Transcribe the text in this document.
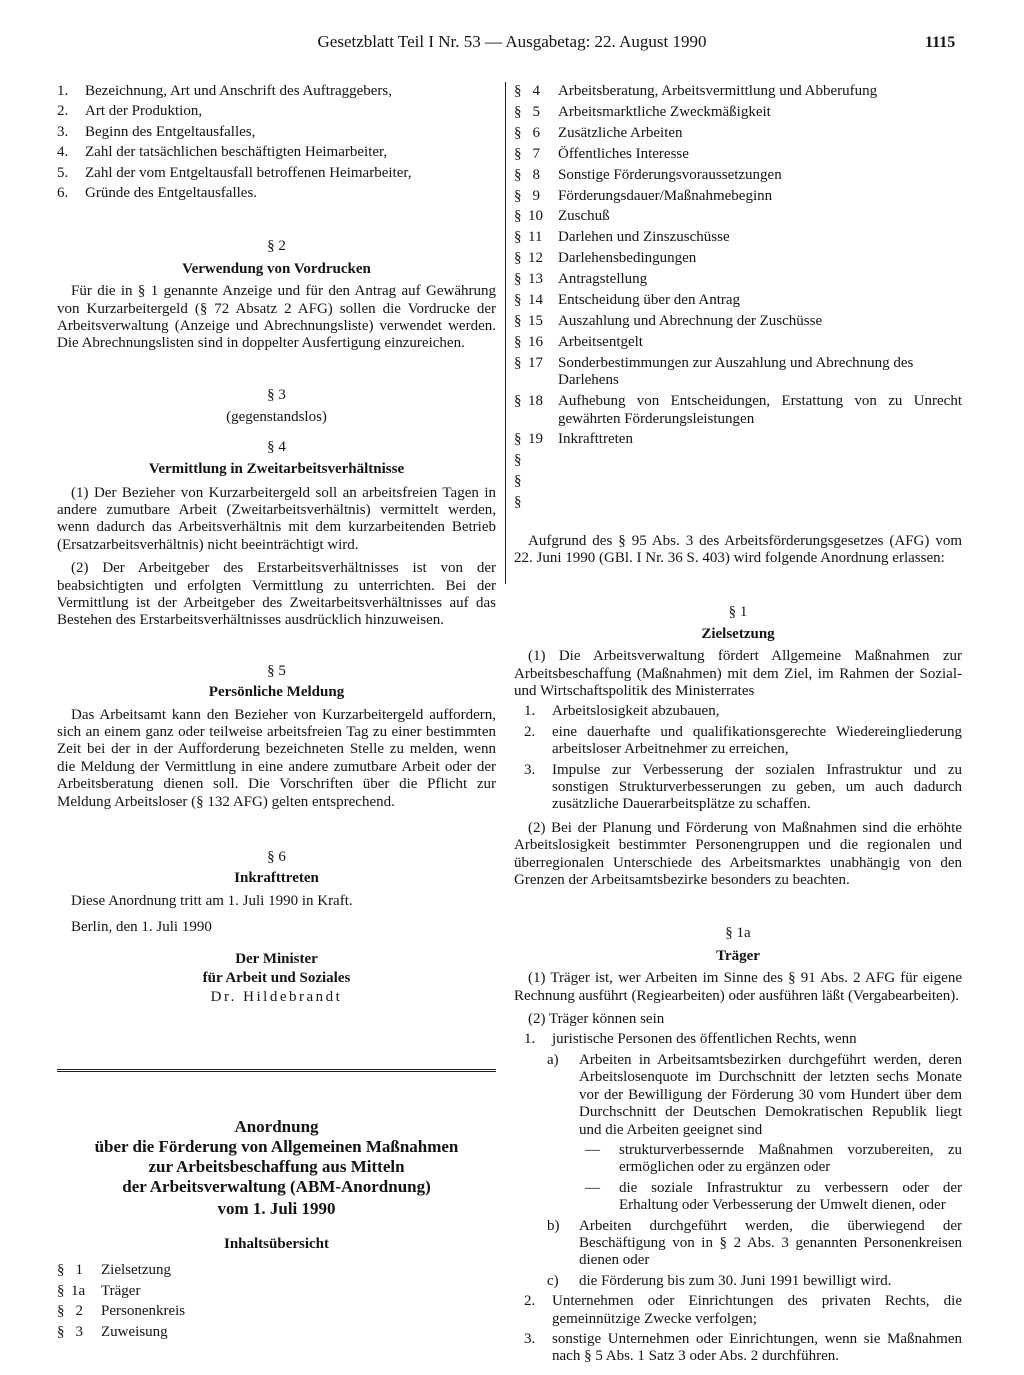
Gesetzblatt Teil I Nr. 53 — Ausgabetag: 22. August 1990	1115
1.	Bezeichnung, Art und Anschrift des Auftraggebers,
2.	Art der Produktion,
3.	Beginn des Entgeltausfalles,
4.	Zahl der tatsächlichen beschäftigten Heimarbeiter,
5.	Zahl der vom Entgeltausfall betroffenen Heimarbeiter,
6.	Gründe des Entgeltausfalles.

§ 2

Verwendung von Vordrucken

Für die in § 1 genannte Anzeige und für den Antrag auf Gewährung von Kurzarbeitergeld (§ 72 Absatz 2 AFG) sollen die Vordrucke der Arbeitsverwaltung (Anzeige und Abrechnungsliste) verwendet werden. Die Abrechnungslisten sind in doppelter Ausfertigung einzureichen.

§ 3

(gegenstandslos)

§ 4

Vermittlung in Zweitarbeitsverhältnisse

(1) Der Bezieher von Kurzarbeitergeld soll an arbeitsfreien Tagen in andere zumutbare Arbeit (Zweitarbeitsverhältnis) vermittelt werden, wenn dadurch das Arbeitsverhältnis mit dem kurzarbeitenden Betrieb (Ersatzarbeitsverhältnis) nicht beeinträchtigt wird.

(2) Der Arbeitgeber des Erstarbeitsverhältnisses ist von der beabsichtigten und erfolgten Vermittlung zu unterrichten. Bei der Vermittlung ist der Arbeitgeber des Zweitarbeitsverhältnisses auf das Bestehen des Erstarbeitsverhältnisses ausdrücklich hinzuweisen.

§ 5

Persönliche Meldung

Das Arbeitsamt kann den Bezieher von Kurzarbeitergeld auffordern, sich an einem ganz oder teilweise arbeitsfreien Tag zu einer bestimmten Zeit bei der in der Aufforderung bezeichneten Stelle zu melden, wenn die Meldung der Vermittlung in eine andere zumutbare Arbeit oder der Arbeitsberatung dienen soll. Die Vorschriften über die Pflicht zur Meldung Arbeitsloser (§ 132 AFG) gelten entsprechend.

§ 6

Inkrafttreten

Diese Anordnung tritt am 1. Juli 1990 in Kraft.

Berlin, den 1. Juli 1990

Der Minister

für Arbeit und Soziales

Dr. Hildebrandt

Anordnung

über die Förderung von Allgemeinen Maßnahmen

zur Arbeitsbeschaffung aus Mitteln

der Arbeitsverwaltung (ABM-Anordnung)

vom 1. Juli 1990

Inhaltsübersicht

§ 1	Zielsetzung
§ 1a	Träger
§ 2	Personenkreis
§ 3	Zuweisung
§ 4	Arbeitsberatung, Arbeitsvermittlung und Abberufung
§ 5	Arbeitsmarktliche Zweckmäßigkeit
§ 6	Zusätzliche Arbeiten
§ 7	Öffentliches Interesse
§ 8	Sonstige Förderungsvoraussetzungen
§ 9	Förderungsdauer/Maßnahmebeginn
§ 10	Zuschuß
§ 11	Darlehen und Zinszuschüsse
§ 12	Darlehensbedingungen
§ 13	Antragstellung
§ 14	Entscheidung über den Antrag
§ 15	Auszahlung und Abrechnung der Zuschüsse
§ 16	Arbeitsentgelt
§ 17	Sonderbestimmungen zur Auszahlung und Abrechnung des Darlehens
§ 18	Aufhebung von Entscheidungen, Erstattung von zu Unrecht gewährten Förderungsleistungen
§ 19	Inkrafttreten
§
§
§

Aufgrund des § 95 Abs. 3 des Arbeitsförderungsgesetzes (AFG) vom 22. Juni 1990 (GBl. I Nr. 36 S. 403) wird folgende Anordnung erlassen:

§ 1

Zielsetzung

(1) Die Arbeitsverwaltung fördert Allgemeine Maßnahmen zur Arbeitsbeschaffung (Maßnahmen) mit dem Ziel, im Rahmen der Sozial- und Wirtschaftspolitik des Ministerrates

1.	Arbeitslosigkeit abzubauen,
2.	eine dauerhafte und qualifikationsgerechte Wiedereingliederung arbeitsloser Arbeitnehmer zu erreichen,
3.	Impulse zur Verbesserung der sozialen Infrastruktur und zu sonstigen Strukturverbesserungen zu geben, um auch dadurch zusätzliche Dauerarbeitsplätze zu schaffen.

(2) Bei der Planung und Förderung von Maßnahmen sind die erhöhte Arbeitslosigkeit bestimmter Personengruppen und die regionalen und überregionalen Unterschiede des Arbeitsmarktes unabhängig von den Grenzen der Arbeitsamtsbezirke besonders zu beachten.

§ 1a

Träger

(1) Träger ist, wer Arbeiten im Sinne des § 91 Abs. 2 AFG für eigene Rechnung ausführt (Regiearbeiten) oder ausführen läßt (Vergabearbeiten).

(2) Träger können sein

1.	juristische Personen des öffentlichen Rechts, wenn
a)	Arbeiten in Arbeitsamtsbezirken durchgeführt werden, deren Arbeitslosenquote im Durchschnitt der letzten sechs Monate vor der Bewilligung der Förderung 30 vom Hundert über dem Durchschnitt der Deutschen Demokratischen Republik liegt und die Arbeiten geeignet sind
—	strukturverbessernde Maßnahmen vorzubereiten, zu ermöglichen oder zu ergänzen oder
—	die soziale Infrastruktur zu verbessern oder der Erhaltung oder Verbesserung der Umwelt dienen, oder
b)	Arbeiten durchgeführt werden, die überwiegend der Beschäftigung von in § 2 Abs. 3 genannten Personenkreisen dienen oder
c)	die Förderung bis zum 30. Juni 1991 bewilligt wird.
2.	Unternehmen oder Einrichtungen des privaten Rechts, die gemeinnützige Zwecke verfolgen;
3.	sonstige Unternehmen oder Einrichtungen, wenn sie Maßnahmen nach § 5 Abs. 1 Satz 3 oder Abs. 2 durchführen.
